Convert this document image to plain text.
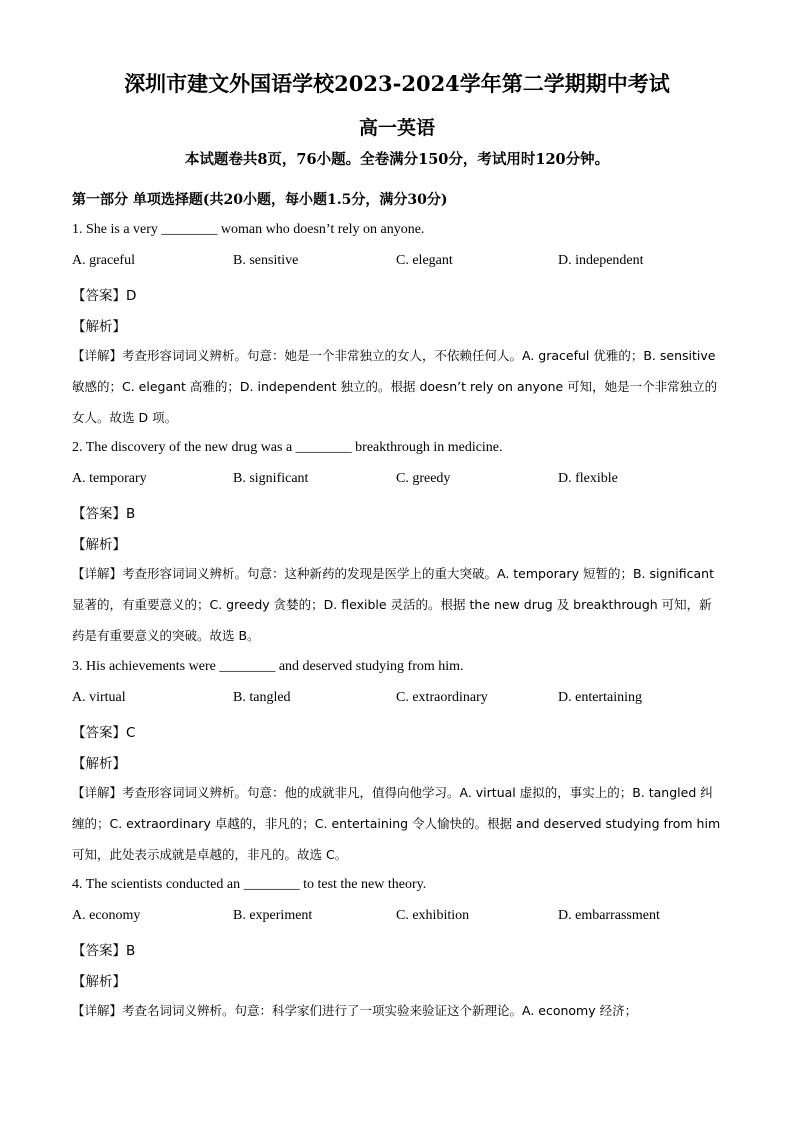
深圳市建文外国语学校2023-2024学年第二学期期中考试
高一英语
本试题卷共8页，76小题。全卷满分150分，考试用时120分钟。
第一部分 单项选择题(共20小题，每小题1.5分，满分30分)
1. She is a very ________ woman who doesn’t rely on anyone.
A. graceful	B. sensitive	C. elegant	D. independent
【答案】D
【解析】
【详解】考查形容词词义辨析。句意：她是一个非常独立的女人，不依赖任何人。A. graceful 优雅的；B. sensitive 敏感的；C. elegant 高雅的；D. independent 独立的。根据 doesn’t rely on anyone 可知，她是一个非常独立的女人。故选 D 项。
2. The discovery of the new drug was a ________ breakthrough in medicine.
A. temporary	B. significant	C. greedy	D. flexible
【答案】B
【解析】
【详解】考查形容词词义辨析。句意：这种新药的发现是医学上的重大突破。A. temporary 短暂的；B. significant 显著的，有重要意义的；C. greedy 贪婪的；D. flexible 灵活的。根据 the new drug 及 breakthrough 可知，新药是有重要意义的突破。故选 B。
3. His achievements were ________ and deserved studying from him.
A. virtual	B. tangled	C. extraordinary	D. entertaining
【答案】C
【解析】
【详解】考查形容词词义辨析。句意：他的成就非凡，值得向他学习。A. virtual 虚拟的，事实上的；B. tangled 纠缠的；C. extraordinary 卓越的，非凡的；C. entertaining 令人愉快的。根据 and deserved studying from him 可知，此处表示成就是卓越的，非凡的。故选 C。
4. The scientists conducted an ________ to test the new theory.
A. economy	B. experiment	C. exhibition	D. embarrassment
【答案】B
【解析】
【详解】考查名词词义辨析。句意：科学家们进行了一项实验来验证这个新理论。A. economy 经济；
